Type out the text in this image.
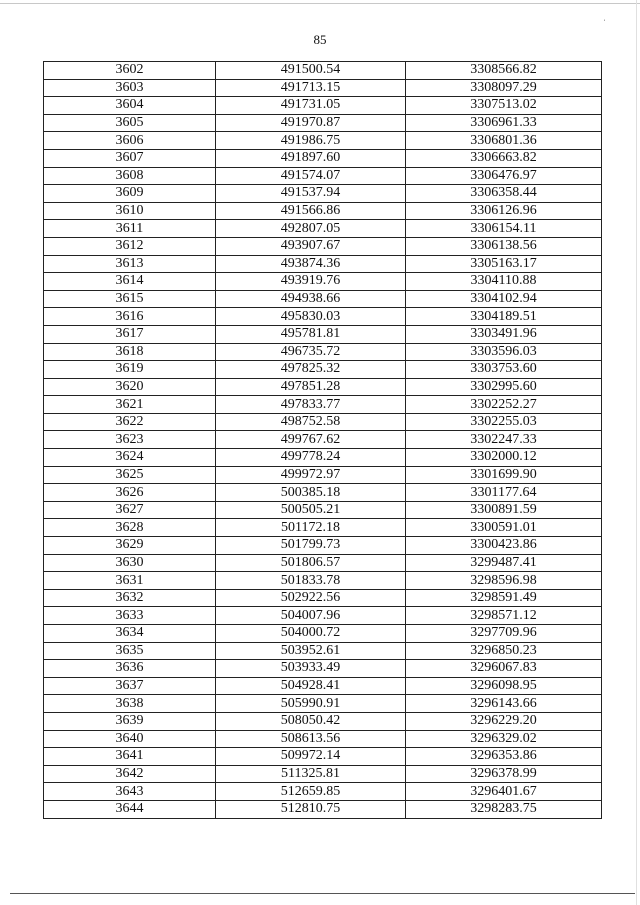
ˈ
85
3602	491500.54	3308566.82
3603	491713.15	3308097.29
3604	491731.05	3307513.02
3605	491970.87	3306961.33
3606	491986.75	3306801.36
3607	491897.60	3306663.82
3608	491574.07	3306476.97
3609	491537.94	3306358.44
3610	491566.86	3306126.96
3611	492807.05	3306154.11
3612	493907.67	3306138.56
3613	493874.36	3305163.17
3614	493919.76	3304110.88
3615	494938.66	3304102.94
3616	495830.03	3304189.51
3617	495781.81	3303491.96
3618	496735.72	3303596.03
3619	497825.32	3303753.60
3620	497851.28	3302995.60
3621	497833.77	3302252.27
3622	498752.58	3302255.03
3623	499767.62	3302247.33
3624	499778.24	3302000.12
3625	499972.97	3301699.90
3626	500385.18	3301177.64
3627	500505.21	3300891.59
3628	501172.18	3300591.01
3629	501799.73	3300423.86
3630	501806.57	3299487.41
3631	501833.78	3298596.98
3632	502922.56	3298591.49
3633	504007.96	3298571.12
3634	504000.72	3297709.96
3635	503952.61	3296850.23
3636	503933.49	3296067.83
3637	504928.41	3296098.95
3638	505990.91	3296143.66
3639	508050.42	3296229.20
3640	508613.56	3296329.02
3641	509972.14	3296353.86
3642	511325.81	3296378.99
3643	512659.85	3296401.67
3644	512810.75	3298283.75
